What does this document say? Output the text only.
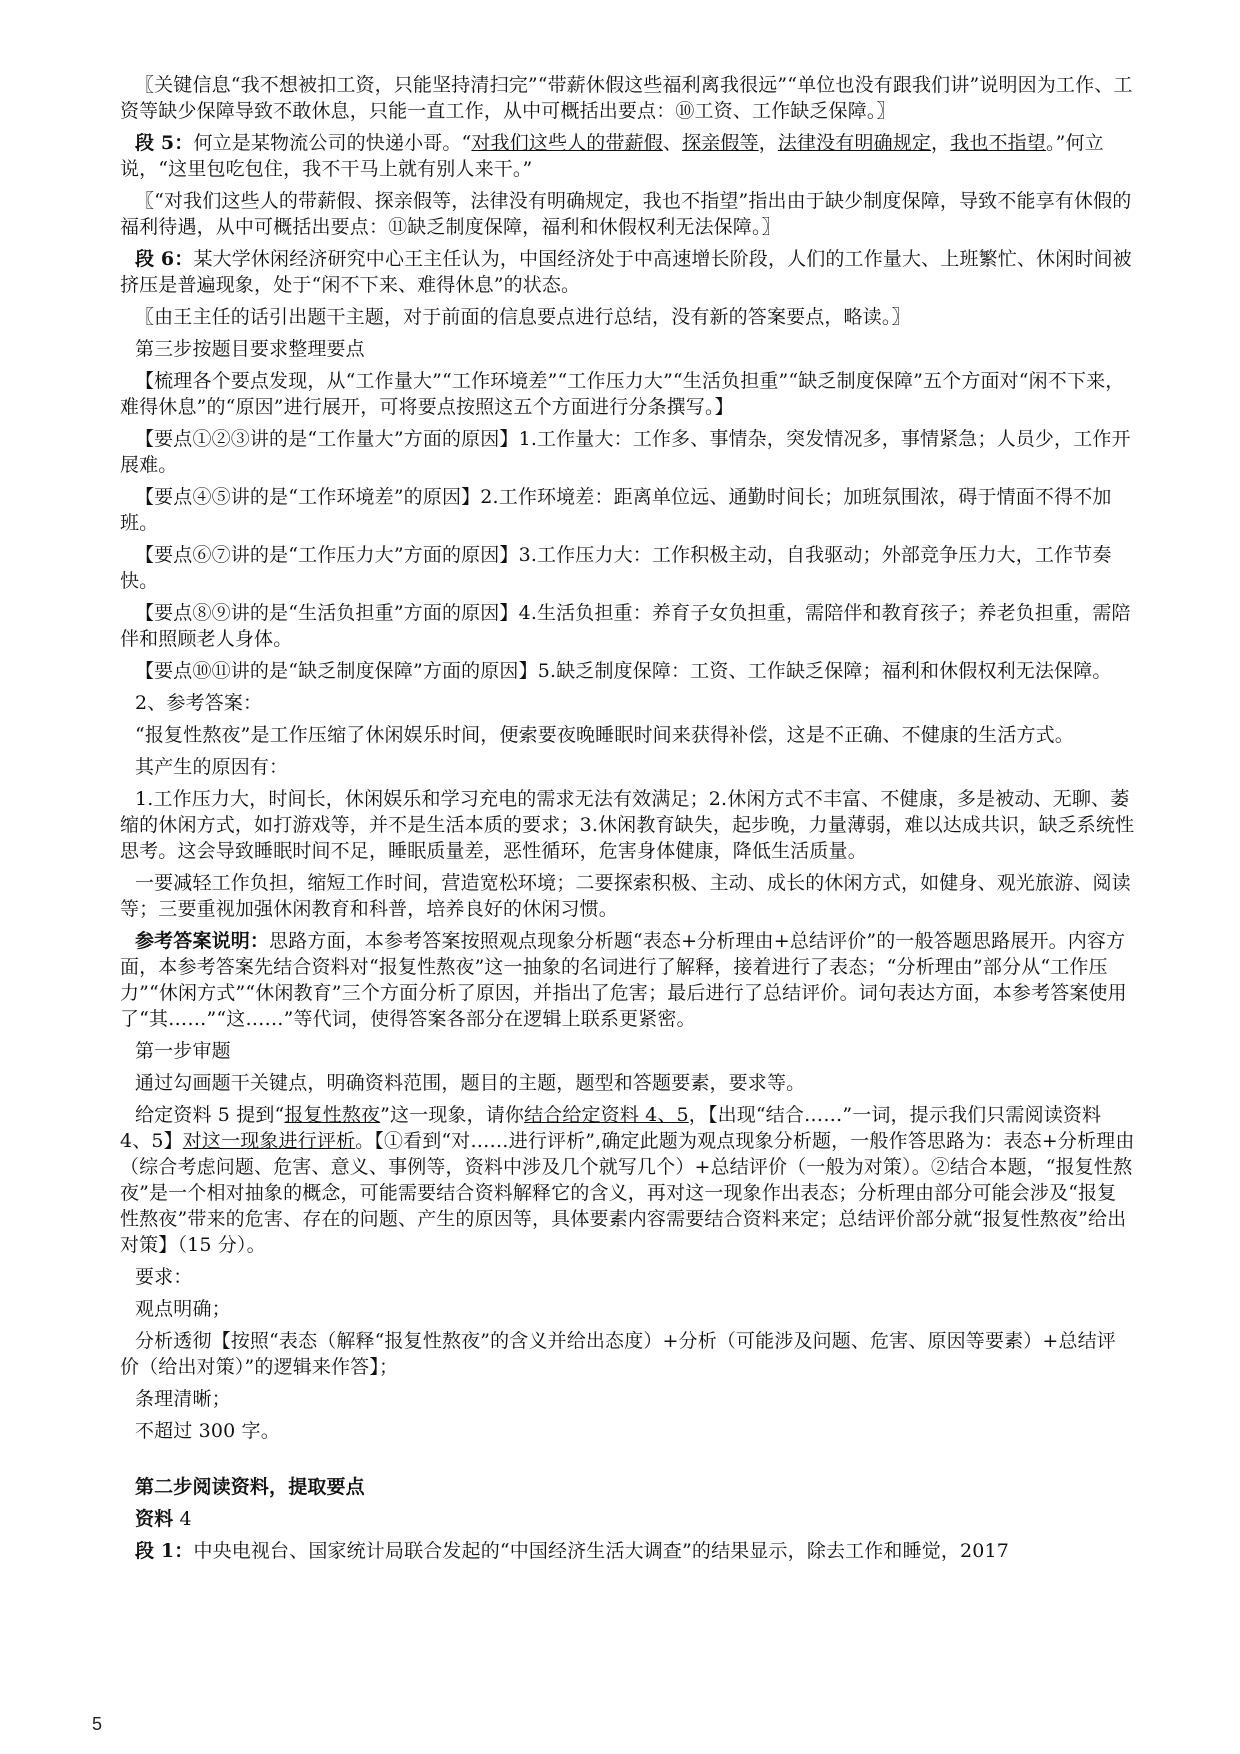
〖关键信息“我不想被扣工资，只能坚持清扫完”“带薪休假这些福利离我很远”“单位也没有跟我们讲”说明因为工作、工资等缺少保障导致不敢休息，只能一直工作，从中可概括出要点：⑩工资、工作缺乏保障。〗

段 5：何立是某物流公司的快递小哥。“对我们这些人的带薪假、探亲假等，法律没有明确规定，我也不指望。”何立说，“这里包吃包住，我不干马上就有别人来干。”

〖“对我们这些人的带薪假、探亲假等，法律没有明确规定，我也不指望”指出由于缺少制度保障，导致不能享有休假的福利待遇，从中可概括出要点：⑪缺乏制度保障，福利和休假权利无法保障。〗

段 6：某大学休闲经济研究中心王主任认为，中国经济处于中高速增长阶段，人们的工作量大、上班繁忙、休闲时间被挤压是普遍现象，处于“闲不下来、难得休息”的状态。

〖由王主任的话引出题干主题，对于前面的信息要点进行总结，没有新的答案要点，略读。〗

第三步按题目要求整理要点

【梳理各个要点发现，从“工作量大”“工作环境差”“工作压力大”“生活负担重”“缺乏制度保障”五个方面对“闲不下来，难得休息”的“原因”进行展开，可将要点按照这五个方面进行分条撰写。】

【要点①②③讲的是“工作量大”方面的原因】1.工作量大：工作多、事情杂，突发情况多，事情紧急；人员少，工作开展难。

【要点④⑤讲的是“工作环境差”的原因】2.工作环境差：距离单位远、通勤时间长；加班氛围浓，碍于情面不得不加班。

【要点⑥⑦讲的是“工作压力大”方面的原因】3.工作压力大：工作积极主动，自我驱动；外部竞争压力大，工作节奏快。

【要点⑧⑨讲的是“生活负担重”方面的原因】4.生活负担重：养育子女负担重，需陪伴和教育孩子；养老负担重，需陪伴和照顾老人身体。

【要点⑩⑪讲的是“缺乏制度保障”方面的原因】5.缺乏制度保障：工资、工作缺乏保障；福利和休假权利无法保障。

2、参考答案：

“报复性熬夜”是工作压缩了休闲娱乐时间，便索要夜晚睡眠时间来获得补偿，这是不正确、不健康的生活方式。

其产生的原因有：

1.工作压力大，时间长，休闲娱乐和学习充电的需求无法有效满足；2.休闲方式不丰富、不健康，多是被动、无聊、萎缩的休闲方式，如打游戏等，并不是生活本质的要求；3.休闲教育缺失，起步晚，力量薄弱，难以达成共识，缺乏系统性思考。这会导致睡眠时间不足，睡眠质量差，恶性循环，危害身体健康，降低生活质量。

一要减轻工作负担，缩短工作时间，营造宽松环境；二要探索积极、主动、成长的休闲方式，如健身、观光旅游、阅读等；三要重视加强休闲教育和科普，培养良好的休闲习惯。

参考答案说明：思路方面，本参考答案按照观点现象分析题“表态+分析理由+总结评价”的一般答题思路展开。内容方面，本参考答案先结合资料对“报复性熬夜”这一抽象的名词进行了解释，接着进行了表态；“分析理由”部分从“工作压力”“休闲方式”“休闲教育”三个方面分析了原因，并指出了危害；最后进行了总结评价。词句表达方面，本参考答案使用了“其……”“这……”等代词，使得答案各部分在逻辑上联系更紧密。

第一步审题

通过勾画题干关键点，明确资料范围，题目的主题，题型和答题要素，要求等。

给定资料 5 提到“报复性熬夜”这一现象，请你结合给定资料 4、5，【出现“结合……”一词，提示我们只需阅读资料 4、5】对这一现象进行评析。【①看到“对……进行评析”,确定此题为观点现象分析题，一般作答思路为：表态+分析理由（综合考虑问题、危害、意义、事例等，资料中涉及几个就写几个）+总结评价（一般为对策）。②结合本题，“报复性熬夜”是一个相对抽象的概念，可能需要结合资料解释它的含义，再对这一现象作出表态；分析理由部分可能会涉及“报复性熬夜”带来的危害、存在的问题、产生的原因等，具体要素内容需要结合资料来定；总结评价部分就“报复性熬夜”给出对策】（15 分）。

要求：

观点明确；

分析透彻【按照“表态（解释“报复性熬夜”的含义并给出态度）+分析（可能涉及问题、危害、原因等要素）+总结评价（给出对策）”的逻辑来作答】；

条理清晰；

不超过 300 字。

第二步阅读资料，提取要点

资料 4

段 1：中央电视台、国家统计局联合发起的“中国经济生活大调查”的结果显示，除去工作和睡觉，2017

5
